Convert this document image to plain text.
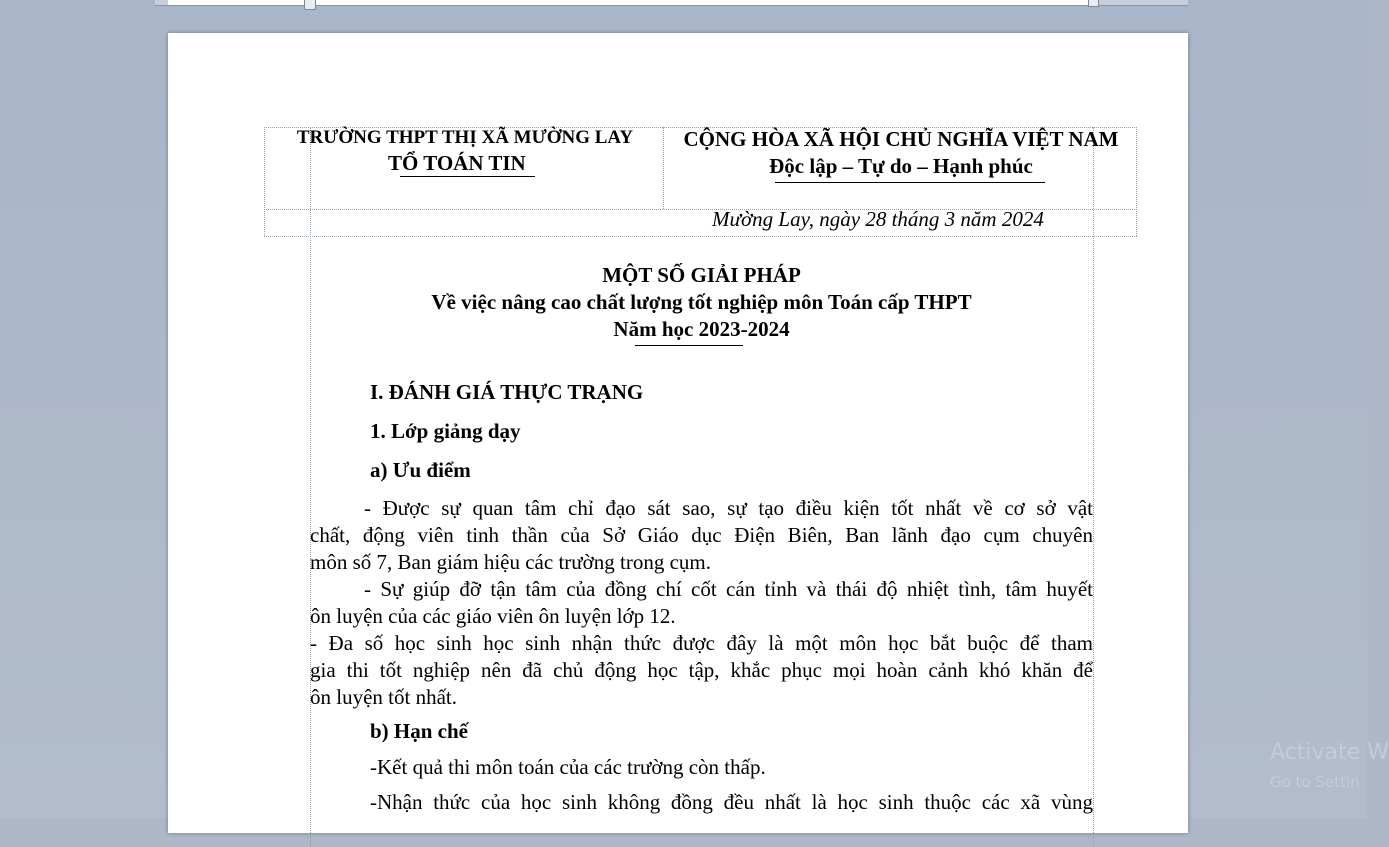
TRƯỜNG THPT THỊ XÃ MƯỜNG LAY
TỔ TOÁN TIN
CỘNG HÒA XÃ HỘI CHỦ NGHĨA VIỆT NAM
Độc lập – Tự do – Hạnh phúc
Mường Lay, ngày 28 tháng 3 năm 2024
MỘT SỐ GIẢI PHÁP
Về việc nâng cao chất lượng tốt nghiệp môn Toán cấp THPT
Năm học 2023-2024
I. ĐÁNH GIÁ THỰC TRẠNG
1. Lớp giảng dạy
a) Ưu điểm
- Được sự quan tâm chỉ đạo sát sao, sự tạo điều kiện tốt nhất về cơ sở vật
chất, động viên tinh thần của Sở Giáo dục Điện Biên, Ban lãnh đạo cụm chuyên
môn số 7, Ban giám hiệu các trường trong cụm.
- Sự giúp đỡ tận tâm của đồng chí cốt cán tỉnh và thái độ nhiệt tình, tâm huyết
ôn luyện của các giáo viên ôn luyện lớp 12.
- Đa số học sinh học sinh nhận thức được đây là một môn học bắt buộc để tham
gia thi tốt nghiệp nên đã chủ động học tập, khắc phục mọi hoàn cảnh khó khăn để
ôn luyện tốt nhất.
b) Hạn chế
-Kết quả thi môn toán của các trường còn thấp.
-Nhận thức của học sinh không đồng đều nhất là học sinh thuộc các xã vùng
Activate W
Go to Settin
